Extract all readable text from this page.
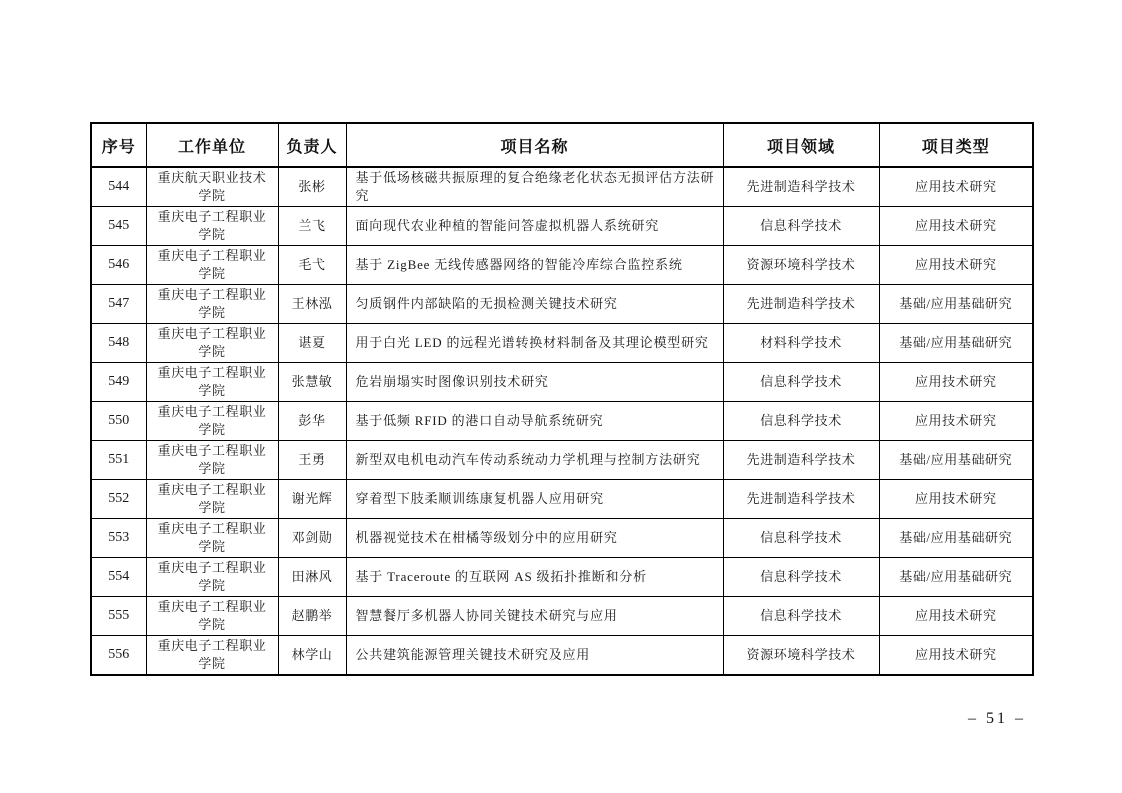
序号	工作单位	负责人	项目名称	项目领域	项目类型
544	重庆航天职业技术学院	张彬	基于低场核磁共振原理的复合绝缘老化状态无损评估方法研究	先进制造科学技术	应用技术研究
545	重庆电子工程职业学院	兰飞	面向现代农业种植的智能问答虚拟机器人系统研究	信息科学技术	应用技术研究
546	重庆电子工程职业学院	毛弋	基于 ZigBee 无线传感器网络的智能冷库综合监控系统	资源环境科学技术	应用技术研究
547	重庆电子工程职业学院	王林泓	匀质钢件内部缺陷的无损检测关键技术研究	先进制造科学技术	基础/应用基础研究
548	重庆电子工程职业学院	谌夏	用于白光 LED 的远程光谱转换材料制备及其理论模型研究	材料科学技术	基础/应用基础研究
549	重庆电子工程职业学院	张慧敏	危岩崩塌实时图像识别技术研究	信息科学技术	应用技术研究
550	重庆电子工程职业学院	彭华	基于低频 RFID 的港口自动导航系统研究	信息科学技术	应用技术研究
551	重庆电子工程职业学院	王勇	新型双电机电动汽车传动系统动力学机理与控制方法研究	先进制造科学技术	基础/应用基础研究
552	重庆电子工程职业学院	谢光辉	穿着型下肢柔顺训练康复机器人应用研究	先进制造科学技术	应用技术研究
553	重庆电子工程职业学院	邓剑勋	机器视觉技术在柑橘等级划分中的应用研究	信息科学技术	基础/应用基础研究
554	重庆电子工程职业学院	田淋风	基于 Traceroute 的互联网 AS 级拓扑推断和分析	信息科学技术	基础/应用基础研究
555	重庆电子工程职业学院	赵鹏举	智慧餐厅多机器人协同关键技术研究与应用	信息科学技术	应用技术研究
556	重庆电子工程职业学院	林学山	公共建筑能源管理关键技术研究及应用	资源环境科学技术	应用技术研究
– 51 –
